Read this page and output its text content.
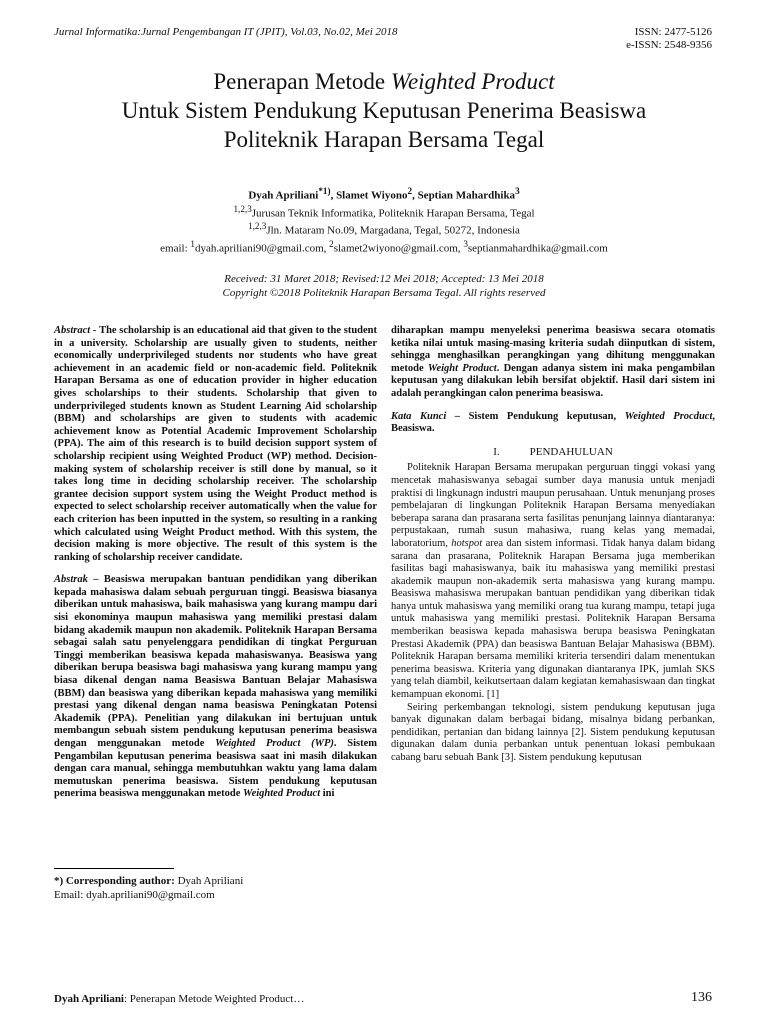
Jurnal Informatika:Jurnal Pengembangan IT (JPIT), Vol.03, No.02, Mei 2018	ISSN: 2477-5126
e-ISSN: 2548-9356
Penerapan Metode Weighted Product
Untuk Sistem Pendukung Keputusan Penerima Beasiswa
Politeknik Harapan Bersama Tegal
Dyah Apriliani$^{*1)}$, Slamet Wiyono$^2$, Septian Mahardhika$^3$
$^{1,2,3}$Jurusan Teknik Informatika, Politeknik Harapan Bersama, Tegal
$^{1,2,3}$Jln. Mataram No.09, Margadana, Tegal, 50272, Indonesia
email: $^1$dyah.apriliani90@gmail.com, $^2$slamet2wiyono@gmail.com, $^3$septianmahardhika@gmail.com
Received: 31 Maret 2018; Revised:12 Mei 2018; Accepted: 13 Mei 2018
Copyright ©2018 Politeknik Harapan Bersama Tegal. All rights reserved

Abstract - The scholarship is an educational aid that given to the student in a university. Scholarship are usually given to students, neither economically underprivileged students nor students who have great achievement in an academic field or non-academic field. Politeknik Harapan Bersama as one of education provider in higher education gives scholarships to their students. Scholarship that given to underprivileged students known as Student Learning Aid scholarship (BBM) and scholarships are given to students with academic achievement know as Potential Academic Improvement Scholarship (PPA). The aim of this research is to build decision support system of scholarship recipient using Weighted Product (WP) method. Decision-making system of scholarship receiver is still done by manual, so it takes long time in deciding scholarship receiver. The scholarship grantee decision support system using the Weight Product method is expected to select scholarship receiver automatically when the value for each criterion has been inputted in the system, so resulting in a ranking which calculated using Weight Product method. With this system, the decision making is more objective. The result of this system is the ranking of scholarship receiver candidate.

Abstrak – Beasiswa merupakan bantuan pendidikan yang diberikan kepada mahasiswa dalam sebuah perguruan tinggi. Beasiswa biasanya diberikan untuk mahasiswa, baik mahasiswa yang kurang mampu dari sisi ekonominya maupun mahasiswa yang memiliki prestasi dalam bidang akademik maupun non akademik. Politeknik Harapan Bersama sebagai salah satu penyelenggara pendidikan di tingkat Perguruan Tinggi memberikan beasiswa kepada mahasiswanya. Beasiswa yang diberikan berupa beasiswa bagi mahasiswa yang kurang mampu yang biasa dikenal dengan nama Beasiswa Bantuan Belajar Mahasiswa (BBM) dan beasiswa yang diberikan kepada mahasiswa yang memiliki prestasi yang dikenal dengan nama beasiswa Peningkatan Potensi Akademik (PPA). Penelitian yang dilakukan ini bertujuan untuk membangun sebuah sistem pendukung keputusan penerima beasiswa dengan menggunakan metode Weighted Product (WP). Sistem Pengambilan keputusan penerima beasiswa saat ini masih dilakukan dengan cara manual, sehingga membutuhkan waktu yang lama dalam memutuskan penerima beasiswa. Sistem pendukung keputusan penerima beasiswa menggunakan metode Weighted Product ini

*) Corresponding author: Dyah Apriliani
Email: dyah.apriliani90@gmail.com

diharapkan mampu menyeleksi penerima beasiswa secara otomatis ketika nilai untuk masing-masing kriteria sudah diinputkan di sistem, sehingga menghasilkan perangkingan yang dihitung menggunakan metode Weight Product. Dengan adanya sistem ini maka pengambilan keputusan yang dilakukan lebih bersifat objektif. Hasil dari sistem ini adalah perangkingan calon penerima beasiswa.

Kata Kunci – Sistem Pendukung keputusan, Weighted Procduct, Beasiswa.

I.	PENDAHULUAN

Politeknik Harapan Bersama merupakan perguruan tinggi vokasi yang mencetak mahasiswanya sebagai sumber daya manusia untuk menjadi praktisi di lingkunagn industri maupun perusahaan. Untuk menunjang proses pembelajaran di lingkungan Politeknik Harapan Bersama menyediakan beberapa sarana dan prasarana serta fasilitas penunjang lainnya diantaranya: perpustakaan, rumah susun mahasiwa, ruang kelas yang memadai, laboratorium, hotspot area dan sistem informasi. Tidak hanya dalam bidang sarana dan prasarana, Politeknik Harapan Bersama juga memberikan fasilitas bagi mahasiswanya, baik itu mahasiswa yang memiliki prestasi akademik maupun non-akademik serta mahasiswa yang kurang mampu. Beasiswa mahasiswa merupakan bantuan pendidikan yang diberikan tidak hanya untuk mahasiswa yang memiliki orang tua kurang mampu, tetapi juga untuk mahasiswa yang memiliki prestasi. Politeknik Harapan Bersama memberikan beasiswa kepada mahasiswa berupa beasiswa Peningkatan Prestasi Akademik (PPA) dan beasiswa Bantuan Belajar Mahasiswa (BBM). Politeknik Harapan bersama memiliki kriteria tersendiri dalam menentukan penerima beasiswa. Kriteria yang digunakan diantaranya IPK, jumlah SKS yang telah diambil, keikutsertaan dalam kegiatan kemahasiswaan dan tingkat kemampuan ekonomi. [1]

Seiring perkembangan teknologi, sistem pendukung keputusan juga banyak digunakan dalam berbagai bidang, misalnya bidang perbankan, pendidikan, pertanian dan bidang lainnya [2]. Sistem pendukung keputusan digunakan dalam dunia perbankan untuk penentuan lokasi pembukaan cabang baru sebuah Bank [3]. Sistem pendukung keputusan

Dyah Apriliani: Penerapan Metode Weighted Product…	136
